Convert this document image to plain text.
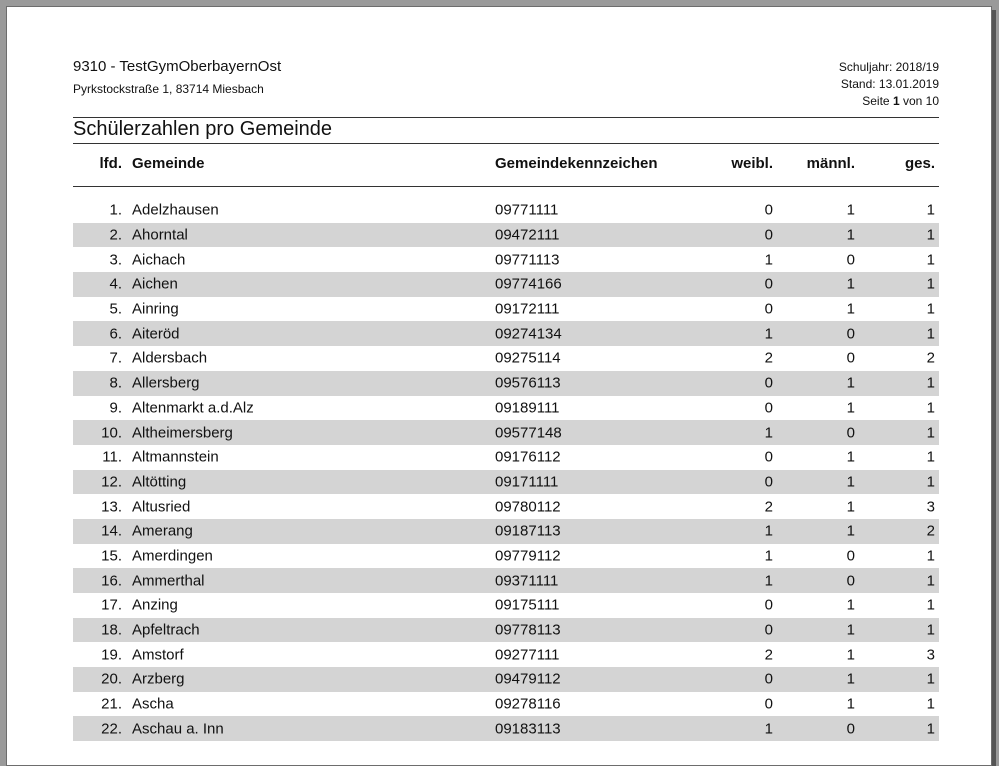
9310 - TestGymOberbayernOst
Pyrkstockstraße 1, 83714 Miesbach
Schuljahr: 2018/19
Stand: 13.01.2019
Seite 1 von 10
Schülerzahlen pro Gemeinde
lfd. Gemeinde	Gemeindekennzeichen	weibl. männl.	ges.
1. Adelzhausen	09771111	0	1	1
2. Ahorntal	09472111	0	1	1
3. Aichach	09771113	1	0	1
4. Aichen	09774166	0	1	1
5. Ainring	09172111	0	1	1
6. Aiteröd	09274134	1	0	1
7. Aldersbach	09275114	2	0	2
8. Allersberg	09576113	0	1	1
9. Altenmarkt a.d.Alz	09189111	0	1	1
10. Altheimersberg	09577148	1	0	1
11. Altmannstein	09176112	0	1	1
12. Altötting	09171111	0	1	1
13. Altusried	09780112	2	1	3
14. Amerang	09187113	1	1	2
15. Amerdingen	09779112	1	0	1
16. Ammerthal	09371111	1	0	1
17. Anzing	09175111	0	1	1
18. Apfeltrach	09778113	0	1	1
19. Amstorf	09277111	2	1	3
20. Arzberg	09479112	0	1	1
21. Ascha	09278116	0	1	1
22. Aschau a. Inn	09183113	1	0	1
